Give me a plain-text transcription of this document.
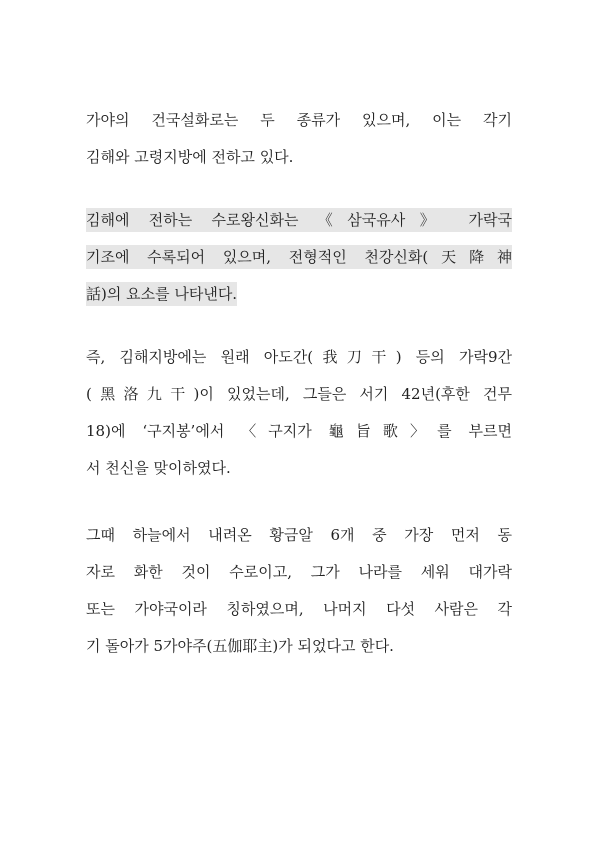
가야의 건국설화로는 두 종류가 있으며, 이는 각기
김해와 고령지방에 전하고 있다.
김해에 전하는 수로왕신화는 《삼국유사》 가락국
기조에 수록되어 있으며, 전형적인 천강신화(天降神
話)의 요소를 나타낸다.
즉, 김해지방에는 원래 아도간(我刀干) 등의 가락9간
(黑洛九干)이 있었는데, 그들은 서기 42년(후한 건무
18)에 ‘구지봉’에서 〈구지가 龜旨歌〉를 부르면
서 천신을 맞이하였다.
그때 하늘에서 내려온 황금알 6개 중 가장 먼저 동
자로 화한 것이 수로이고, 그가 나라를 세워 대가락
또는 가야국이라 칭하였으며, 나머지 다섯 사람은 각
기 돌아가 5가야주(五伽耶主)가 되었다고 한다.
